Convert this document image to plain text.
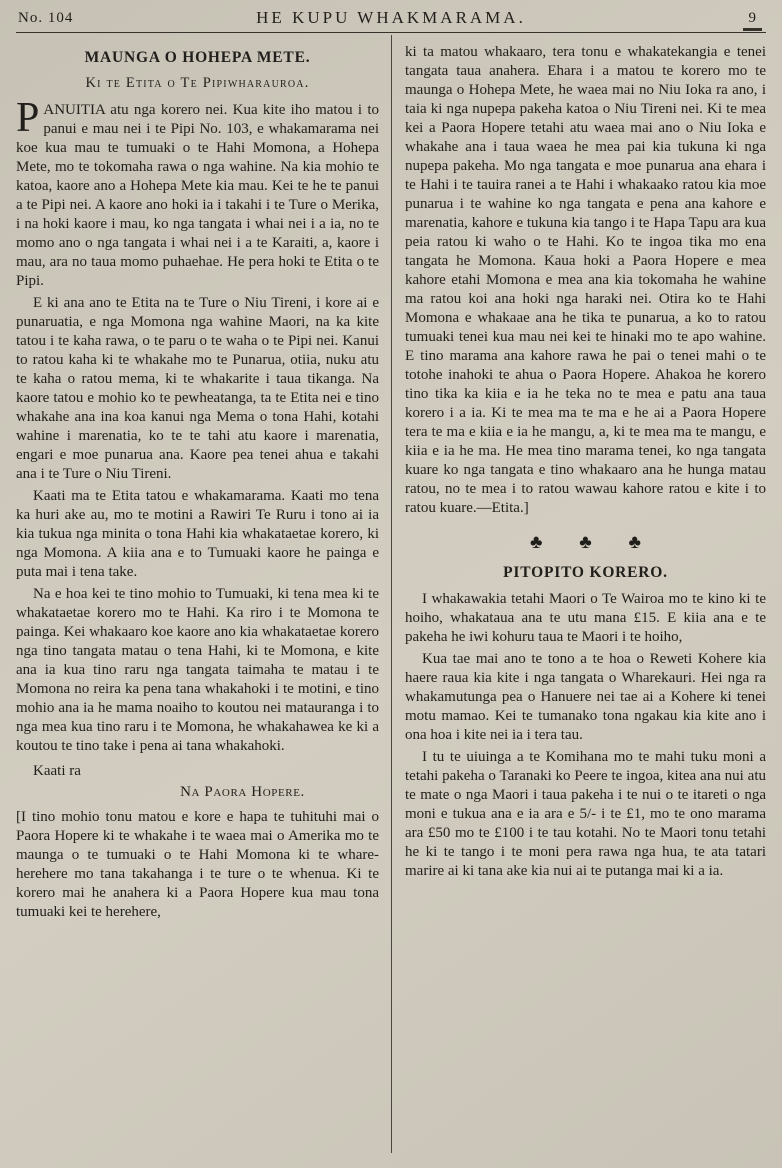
No. 104	HE KUPU WHAKMARAMA.	9
MAUNGA O HOHEPA METE.
Ki te Etita o Te Pipiwharauroa.

PANUITIA atu nga korero nei. Kua kite iho matou i to panui e mau nei i te Pipi No. 103, e whakamarama nei koe kua mau te tumuaki o te Hahi Momona, a Hohepa Mete, mo te tokomaha rawa o nga wahine. Na kia mohio te katoa, kaore ano a Hohepa Mete kia mau. Kei te he te panui a te Pipi nei. A kaore ano hoki ia i takahi i te Ture o Merika, i na hoki kaore i mau, ko nga tangata i whai nei i a ia, no te momo ano o nga tangata i whai nei i a te Karaiti, a, kaore i mau, ara no taua momo puhaehae. He pera hoki te Etita o te Pipi.

E ki ana ano te Etita na te Ture o Niu Tireni, i kore ai e punaruatia, e nga Momona nga wahine Maori, na ka kite tatou i te kaha rawa, o te paru o te waha o te Pipi nei. Kanui to ratou kaha ki te whakahe mo te Punarua, otiia, nuku atu te kaha o ratou mema, ki te whakarite i taua tikanga. Na kaore tatou e mohio ko te pewheatanga, ta te Etita nei e tino whakahe ana ina koa kanui nga Mema o tona Hahi, kotahi wahine i marenatia, ko te te tahi atu kaore i marenatia, engari e moe punarua ana. Kaore pea tenei ahua e takahi ana i te Ture o Niu Tireni.

Kaati ma te Etita tatou e whakamarama. Kaati mo tena ka huri ake au, mo te motini a Rawiri Te Ruru i tono ai ia kia tukua nga minita o tona Hahi kia whakataetae korero, ki nga Momona. A kiia ana e to Tumuaki kaore he painga e puta mai i tena take.

Na e hoa kei te tino mohio to Tumuaki, ki tena mea ki te whakataetae korero mo te Hahi. Ka riro i te Momona te painga. Kei whakaaro koe kaore ano kia whakataetae korero nga tino tangata matau o tena Hahi, ki te Momona, e kite ana ia kua tino raru nga tangata taimaha te matau i te Momona no reira ka pena tana whakahoki i te motini, e tino mohio ana ia he mama noaiho to koutou nei matauranga i to nga mea kua tino raru i te Momona, he whakahawea ke ki a koutou te tino take i pena ai tana whakahoki.

Kaati ra
Na Paora Hopere.

[I tino mohio tonu matou e kore e hapa te tuhituhi mai o Paora Hopere ki te whakahe i te waea mai o Amerika mo te maunga o te tumuaki o te Hahi Momona ki te whare-herehere mo tana takahanga i te ture o te whenua. Ki te korero mai he anahera ki a Paora Hopere kua mau tona tumuaki kei te herehere,

ki ta matou whakaaro, tera tonu e whakatekangia e tenei tangata taua anahera. Ehara i a matou te korero mo te maunga o Hohepa Mete, he waea mai no Niu Ioka ra ano, i taia ki nga nupepa pakeha katoa o Niu Tireni nei. Ki te mea kei a Paora Hopere tetahi atu waea mai ano o Niu Ioka e whakahe ana i taua waea he mea pai kia tukuna ki nga nupepa pakeha. Mo nga tangata e moe punarua ana ehara i te Hahi i te tauira ranei a te Hahi i whakaako ratou kia moe punarua i te wahine ko nga tangata e pena ana kahore e marenatia, kahore e tukuna kia tango i te Hapa Tapu ara kua peia ratou ki waho o te Hahi. Ko te ingoa tika mo ena tangata he Momona. Kaua hoki a Paora Hopere e mea kahore etahi Momona e mea ana kia tokomaha he wahine ma ratou koi ana hoki nga haraki nei. Otira ko te Hahi Momona e whakaae ana he tika te punarua, a ko to ratou tumuaki tenei kua mau nei kei te hinaki mo te apo wahine. E tino marama ana kahore rawa he pai o tenei mahi o te totohe inahoki te ahua o Paora Hopere. Ahakoa he korero tino tika ka kiia e ia he teka no te mea e patu ana taua korero i a ia. Ki te mea ma te ma e he ai a Paora Hopere tera te ma e kiia e ia he mangu, a, ki te mea ma te mangu, e kiia e ia he ma. He mea tino marama tenei, ko nga tangata kuare ko nga tangata e tino whakaaro ana he hunga matau ratou, no te mea i to ratou wawau kahore ratou e kite i to ratou kuare.—Etita.]

♣ ♣ ♣
PITOPITO KORERO.

I whakawakia tetahi Maori o Te Wairoa mo te kino ki te hoiho, whakataua ana te utu mana £15. E kiia ana e te pakeha he iwi kohuru taua te Maori i te hoiho,

Kua tae mai ano te tono a te hoa o Reweti Kohere kia haere raua kia kite i nga tangata o Wharekauri. Hei nga ra whakamutunga pea o Hanuere nei tae ai a Kohere ki tenei motu mamao. Kei te tumanako tona ngakau kia kite ano i ona hoa i kite nei ia i tera tau.

I tu te uiuinga a te Komihana mo te mahi tuku moni a tetahi pakeha o Taranaki ko Peere te ingoa, kitea ana nui atu te mate o nga Maori i taua pakeha i te nui o te itareti o nga moni e tukua ana e ia ara e 5/- i te £1, mo te ono marama ara £50 mo te £100 i te tau kotahi. No te Maori tonu tetahi he ki te tango i te moni pera rawa nga hua, te ata tatari marire ai ki tana ake kia nui ai te putanga mai ki a ia.
